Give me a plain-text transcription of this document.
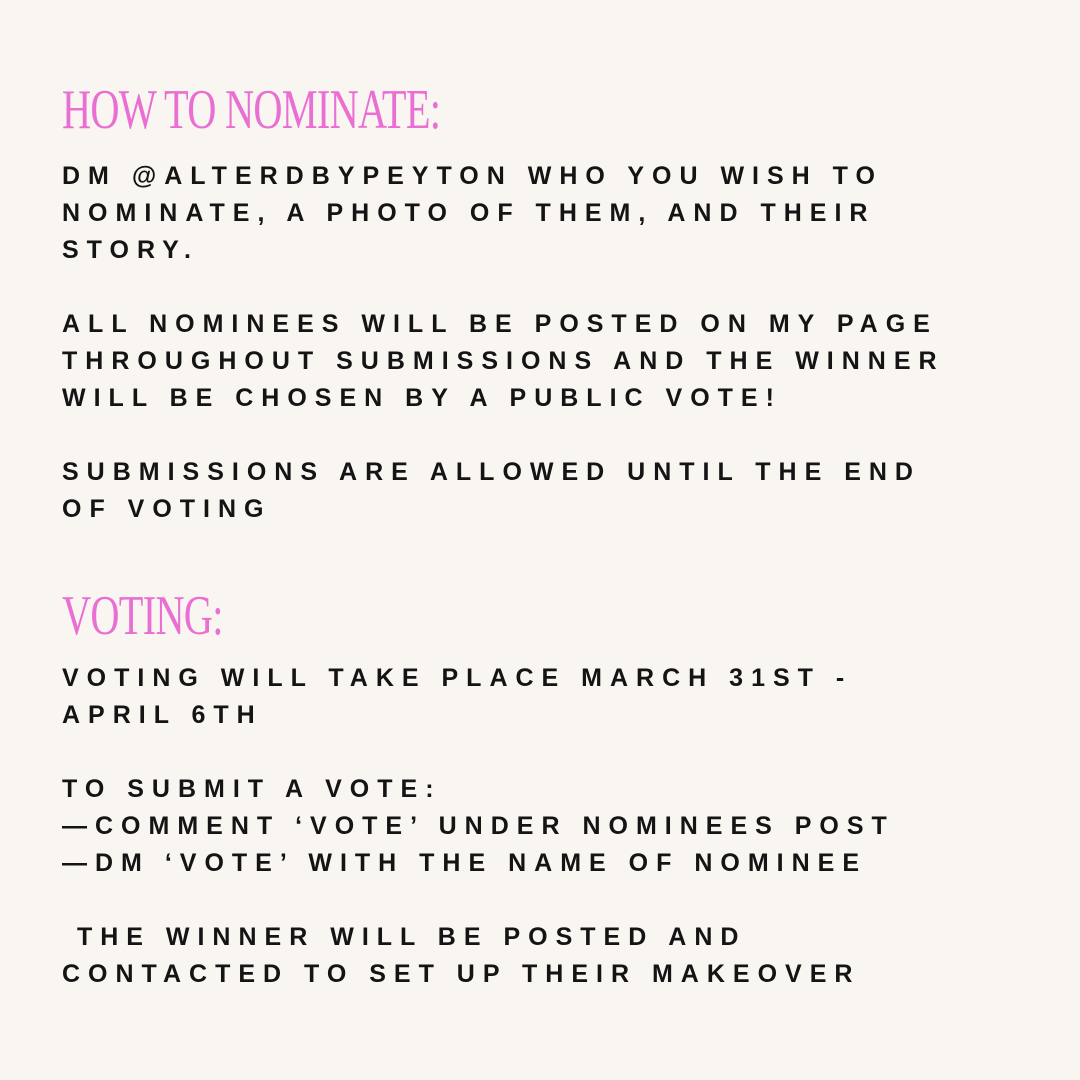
HOW TO NOMINATE:

DM @ALTERDBYPEYTON WHO YOU WISH TO

NOMINATE, A PHOTO OF THEM, AND THEIR

STORY.

ALL NOMINEES WILL BE POSTED ON MY PAGE

THROUGHOUT SUBMISSIONS AND THE WINNER

WILL BE CHOSEN BY A PUBLIC VOTE!

SUBMISSIONS ARE ALLOWED UNTIL THE END

OF VOTING

VOTING:

VOTING WILL TAKE PLACE MARCH 31ST -

APRIL 6TH

TO SUBMIT A VOTE:

—COMMENT ‘VOTE’ UNDER NOMINEES POST

—DM ‘VOTE’ WITH THE NAME OF NOMINEE

THE WINNER WILL BE POSTED AND

CONTACTED TO SET UP THEIR MAKEOVER
